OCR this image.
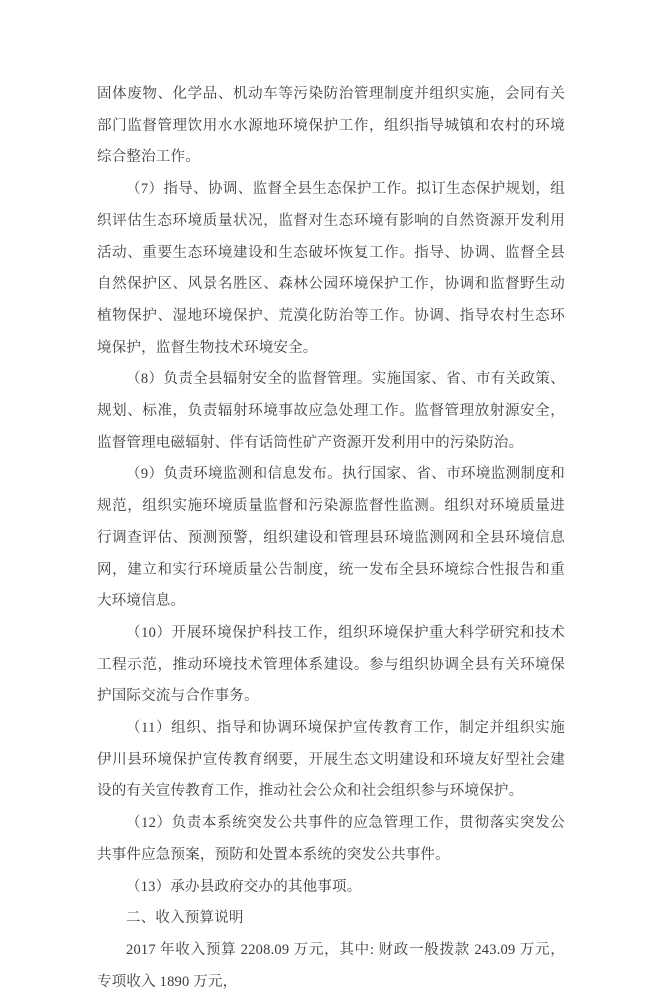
固体废物、化学品、机动车等污染防治管理制度并组织实施，会同有关部门监督管理饮用水水源地环境保护工作，组织指导城镇和农村的环境综合整治工作。

（7）指导、协调、监督全县生态保护工作。拟订生态保护规划，组织评估生态环境质量状况，监督对生态环境有影响的自然资源开发利用活动、重要生态环境建设和生态破坏恢复工作。指导、协调、监督全县自然保护区、风景名胜区、森林公园环境保护工作，协调和监督野生动植物保护、湿地环境保护、荒漠化防治等工作。协调、指导农村生态环境保护，监督生物技术环境安全。

（8）负责全县辐射安全的监督管理。实施国家、省、市有关政策、规划、标准，负责辐射环境事故应急处理工作。监督管理放射源安全，监督管理电磁辐射、伴有话筒性矿产资源开发利用中的污染防治。

（9）负责环境监测和信息发布。执行国家、省、市环境监测制度和规范，组织实施环境质量监督和污染源监督性监测。组织对环境质量进行调查评估、预测预警，组织建设和管理县环境监测网和全县环境信息网，建立和实行环境质量公告制度，统一发布全县环境综合性报告和重大环境信息。

（10）开展环境保护科技工作，组织环境保护重大科学研究和技术工程示范，推动环境技术管理体系建设。参与组织协调全县有关环境保护国际交流与合作事务。

（11）组织、指导和协调环境保护宣传教育工作，制定并组织实施伊川县环境保护宣传教育纲要，开展生态文明建设和环境友好型社会建设的有关宣传教育工作，推动社会公众和社会组织参与环境保护。

（12）负责本系统突发公共事件的应急管理工作，贯彻落实突发公共事件应急预案，预防和处置本系统的突发公共事件。

（13）承办县政府交办的其他事项。

二、收入预算说明

2017 年收入预算 2208.09 万元，其中: 财政一般拨款 243.09 万元，专项收入 1890 万元，
